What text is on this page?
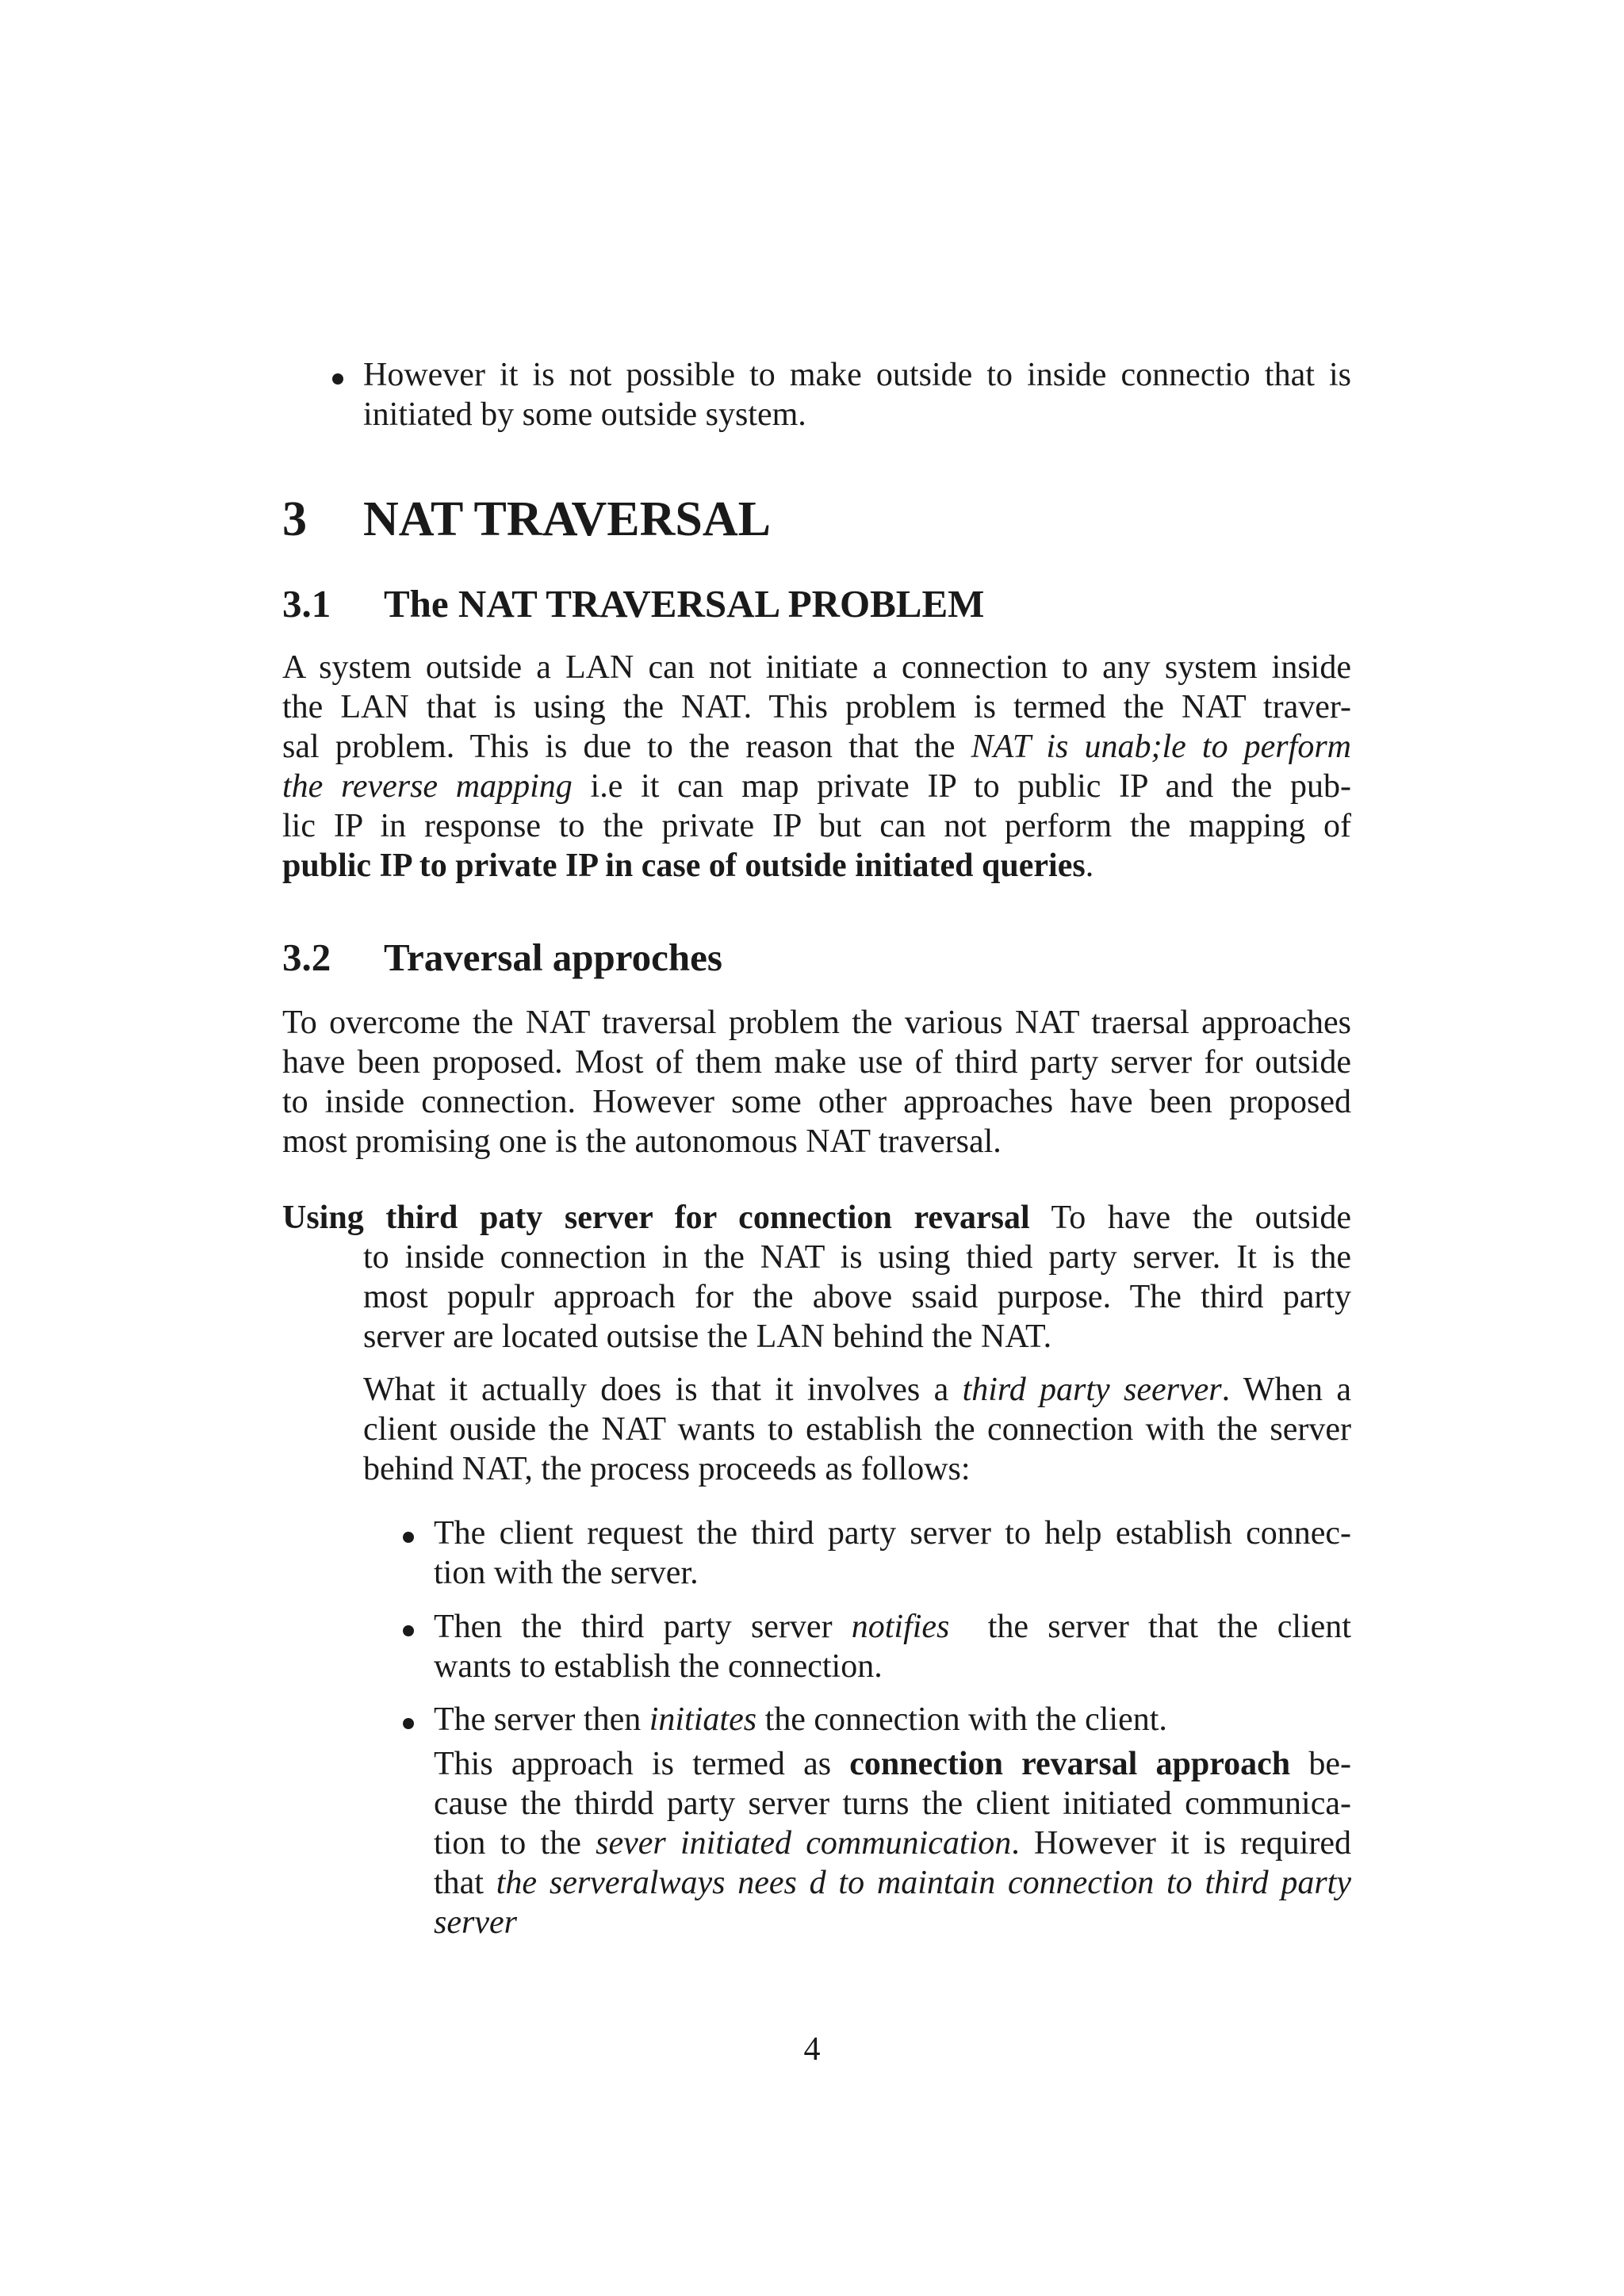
However it is not possible to make outside to inside connectio that is
initiated by some outside system.
3 NAT TRAVERSAL
3.1 The NAT TRAVERSAL PROBLEM
A system outside a LAN can not initiate a connection to any system inside
the LAN that is using the NAT. This problem is termed the NAT traver-
sal problem. This is due to the reason that the NAT is unab;le to perform
the reverse mapping i.e it can map private IP to public IP and the pub-
lic IP in response to the private IP but can not perform the mapping of
public IP to private IP in case of outside initiated queries.
3.2 Traversal approches
To overcome the NAT traversal problem the various NAT traersal approaches
have been proposed. Most of them make use of third party server for outside
to inside connection. However some other approaches have been proposed
most promising one is the autonomous NAT traversal.
Using third paty server for connection revarsal To have the outside
to inside connection in the NAT is using thied party server. It is the
most populr approach for the above ssaid purpose. The third party
server are located outsise the LAN behind the NAT.
What it actually does is that it involves a third party seerver. When a
client ouside the NAT wants to establish the connection with the server
behind NAT, the process proceeds as follows:
The client request the third party server to help establish connec-
tion with the server.
Then the third party server notifies  the server that the client
wants to establish the connection.
The server then initiates the connection with the client.
This approach is termed as connection revarsal approach be-
cause the thirdd party server turns the client initiated communica-
tion to the sever initiated communication. However it is required
that the serveralways nees d to maintain connection to third party
server
4
